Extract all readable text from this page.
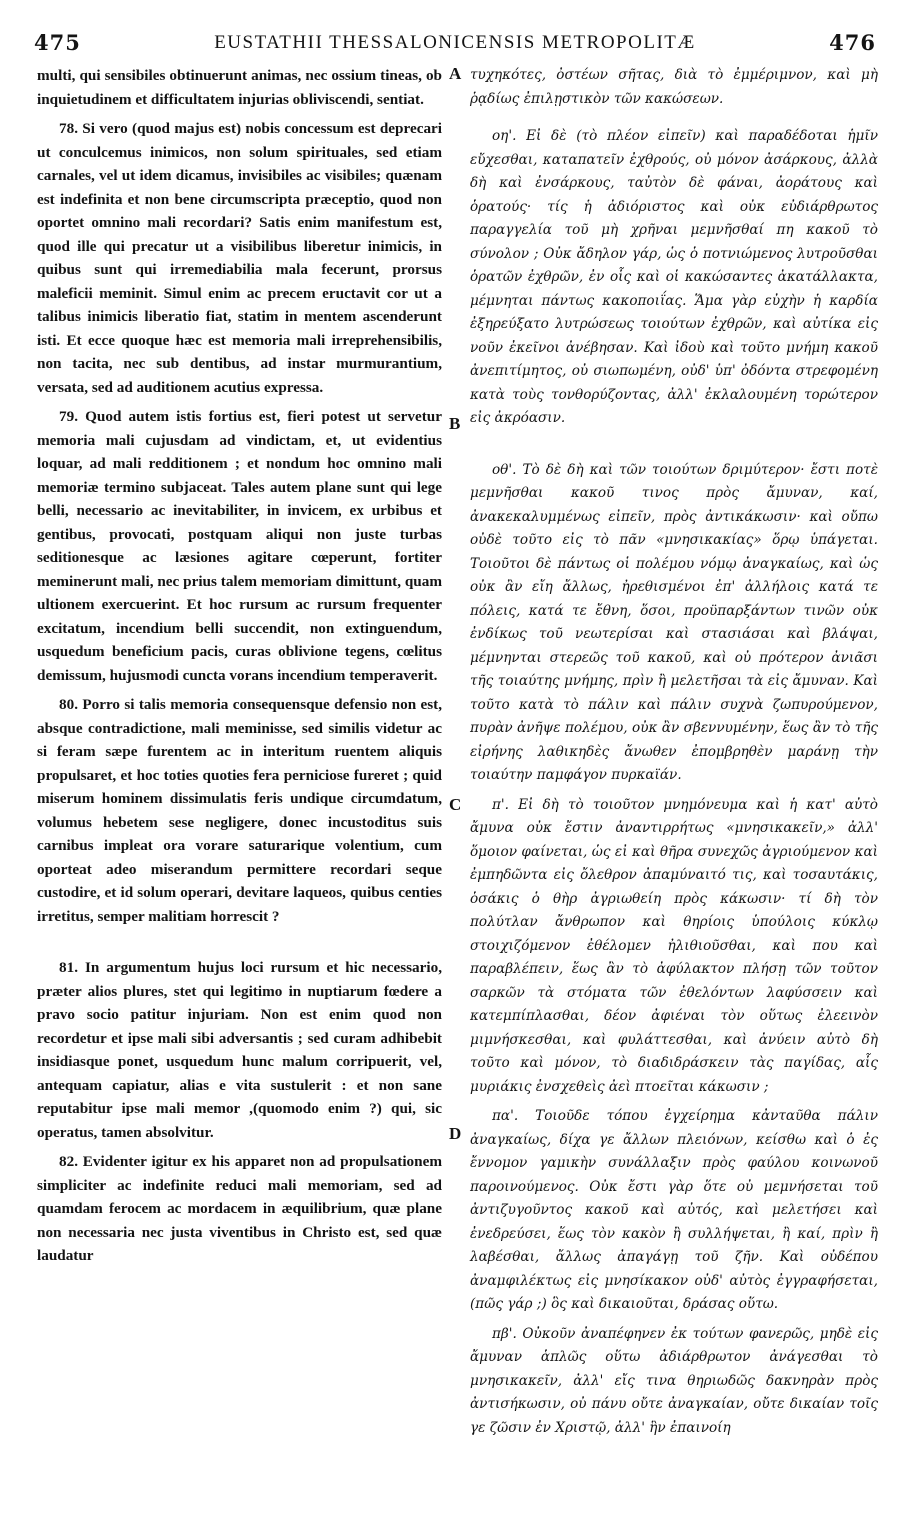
475	EUSTATHII THESSALONICENSIS METROPOLITÆ	476

multi, qui sensibiles obtinuerunt animas, nec ossium tineas, ob inquietudinem et difficultatem injurias obliviscendi, sentiat.

78. Si vero (quod majus est) nobis concessum est deprecari ut conculcemus inimicos, non solum spirituales, sed etiam carnales, vel ut idem dicamus, invisibiles ac visibiles; quænam est indefinita et non bene circumscripta præceptio, quod non oportet omnino mali recordari? Satis enim manifestum est, quod ille qui precatur ut a visibilibus liberetur inimicis, in quibus sunt qui irremediabilia mala fecerunt, prorsus maleficii meminit. Simul enim ac precem eructavit cor ut a talibus inimicis liberatio fiat, statim in mentem ascenderunt isti. Et ecce quoque hæc est memoria mali irreprehensibilis, non tacita, nec sub dentibus, ad instar murmurantium, versata, sed ad auditionem acutius expressa.

79. Quod autem istis fortius est, fieri potest ut servetur memoria mali cujusdam ad vindictam, et, ut evidentius loquar, ad mali redditionem ; et nondum hoc omnino mali memoriæ termino subjaceat. Tales autem plane sunt qui lege belli, necessario ac inevitabiliter, in invicem, ex urbibus et gentibus, provocati, postquam aliqui non juste turbas seditionesque ac læsiones agitare cœperunt, fortiter meminerunt mali, nec prius talem memoriam dimittunt, quam ultionem exercuerint. Et hoc rursum ac rursum frequenter excitatum, incendium belli succendit, non extinguendum, usquedum beneficium pacis, curas oblivione tegens, cœlitus demissum, hujusmodi cuncta vorans incendium temperaverit.

80. Porro si talis memoria consequensque defensio non est, absque contradictione, mali meminisse, sed similis videtur ac si feram sæpe furentem ac in interitum ruentem aliquis propulsaret, et hoc toties quoties fera perniciose fureret ; quid miserum hominem dissimulatis feris undique circumdatum, volumus hebetem sese negligere, donec incustoditus suis carnibus impleat ora vorare saturarique volentium, cum oporteat adeo miserandum permittere recordari seque custodire, et id solum operari, devitare laqueos, quibus centies irretitus, semper malitiam horrescit ?

81. In argumentum hujus loci rursum et hic necessario, præter alios plures, stet qui legitimo in nuptiarum fœdere a pravo socio patitur injuriam. Non est enim quod non recordetur et ipse mali sibi adversantis ; sed curam adhibebit insidiasque ponet, usquedum hunc malum corripuerit, vel, antequam capiatur, alias e vita sustulerit : et non sane reputabitur ipse mali memor ,(quomodo enim ?) qui, sic operatus, tamen absolvitur.

82. Evidenter igitur ex his apparet non ad propulsationem simpliciter ac indefinite reduci mali memoriam, sed ad quamdam ferocem ac mordacem in æquilibrium, quæ plane non necessaria nec justa viventibus in Christo est, sed quæ laudatur

τυχηκότες, ὀστέων σῆτας, διὰ τὸ ἐμμέριμνον, καὶ μὴ ῥᾳδίως ἐπιλῃστικὸν τῶν κακώσεων.

οη'. Εἰ δὲ (τὸ πλέον εἰπεῖν) καὶ παραδέδοται ἡμῖν εὔχεσθαι, καταπατεῖν ἐχθρούς, οὐ μόνον ἀσάρκους, ἀλλὰ δὴ καὶ ἐνσάρκους, ταὐτὸν δὲ φάναι, ἀοράτους καὶ ὁρατούς· τίς ἡ ἀδιόριστος καὶ οὐκ εὐδιάρθρωτος παραγγελία τοῦ μὴ χρῆναι μεμνῆσθαί πη κακοῦ τὸ σύνολον ; Οὐκ ἄδηλον γάρ, ὡς ὁ ποτνιώμενος λυτροῦσθαι ὁρατῶν ἐχθρῶν, ἐν οἷς καὶ οἱ κακώσαντες ἀκατάλλακτα, μέμνηται πάντως κακοποιΐας. Ἅμα γὰρ εὐχὴν ἡ καρδία ἐξηρεύξατο λυτρώσεως τοιούτων ἐχθρῶν, καὶ αὐτίκα εἰς νοῦν ἐκεῖνοι ἀνέβησαν. Καὶ ἰδοὺ καὶ τοῦτο μνήμη κακοῦ ἀνεπιτίμητος, οὐ σιωπωμένη, οὐδ' ὑπ' ὀδόντα στρεφομένη κατὰ τοὺς τονθορύζοντας, ἀλλ' ἐκλαλουμένη τορώτερον εἰς ἀκρόασιν.

οθ'. Τὸ δὲ δὴ καὶ τῶν τοιούτων δριμύτερον· ἔστι ποτὲ μεμνῆσθαι κακοῦ τινος πρὸς ἄμυναν, καί, ἀνακεκαλυμμένως εἰπεῖν, πρὸς ἀντικάκωσιν· καὶ οὔπω οὐδὲ τοῦτο εἰς τὸ πᾶν «μνησικακίας» ὅρῳ ὑπάγεται. Τοιοῦτοι δὲ πάντως οἱ πολέμου νόμῳ ἀναγκαίως, καὶ ὡς οὐκ ἂν εἴη ἄλλως, ἠρεθισμένοι ἐπ' ἀλλήλοις κατά τε πόλεις, κατά τε ἔθνη, ὅσοι, προϋπαρξάντων τινῶν οὐκ ἐνδίκως τοῦ νεωτερίσαι καὶ στασιάσαι καὶ βλάψαι, μέμνηνται στερεῶς τοῦ κακοῦ, καὶ οὐ πρότερον ἀνιᾶσι τῆς τοιαύτης μνήμης, πρὶν ἢ μελετῆσαι τὰ εἰς ἄμυναν. Καὶ τοῦτο κατὰ τὸ πάλιν καὶ πάλιν συχνὰ ζωπυρούμενον, πυρὰν ἀνῆψε πολέμου, οὐκ ἂν σβεννυμένην, ἕως ἂν τὸ τῆς εἰρήνης λαθικηδὲς ἄνωθεν ἐπομβρηθὲν μαράνῃ τὴν τοιαύτην παμφάγον πυρκαϊάν.

π'. Εἰ δὴ τὸ τοιοῦτον μνημόνευμα καὶ ἡ κατ' αὐτὸ ἄμυνα οὐκ ἔστιν ἀναντιρρήτως «μνησικακεῖν,» ἀλλ' ὅμοιον φαίνεται, ὡς εἰ καὶ θῆρα συνεχῶς ἀγριούμενον καὶ ἐμπηδῶντα εἰς ὄλεθρον ἀπαμύναιτό τις, καὶ τοσαυτάκις, ὁσάκις ὁ θὴρ ἀγριωθείη πρὸς κάκωσιν· τί δὴ τὸν πολύτλαν ἄνθρωπον καὶ θηρίοις ὑπούλοις κύκλῳ στοιχιζόμενον ἐθέλομεν ἠλιθιοῦσθαι, καὶ που καὶ παραβλέπειν, ἕως ἂν τὸ ἀφύλακτον πλήσῃ τῶν τοῦτον σαρκῶν τὰ στόματα τῶν ἐθελόντων λαφύσσειν καὶ κατεμπίπλασθαι, δέον ἀφιέναι τὸν οὕτως ἐλεεινὸν μιμνήσκεσθαι, καὶ φυλάττεσθαι, καὶ ἀνύειν αὐτὸ δὴ τοῦτο καὶ μόνον, τὸ διαδιδράσκειν τὰς παγίδας, αἷς μυριάκις ἐνσχεθεὶς ἀεὶ πτοεῖται κάκωσιν ;

πα'. Τοιοῦδε τόπου ἐγχείρημα κἀνταῦθα πάλιν ἀναγκαίως, δίχα γε ἄλλων πλειόνων, κείσθω καὶ ὁ ἐς ἔννομον γαμικὴν συνάλλαξιν πρὸς φαύλου κοινωνοῦ παροινούμενος. Οὐκ ἔστι γὰρ ὅτε οὐ μεμνήσεται τοῦ ἀντιζυγοῦντος κακοῦ καὶ αὐτός, καὶ μελετήσει καὶ ἐνεδρεύσει, ἕως τὸν κακὸν ἢ συλλήψεται, ἢ καί, πρὶν ἢ λαβέσθαι, ἄλλως ἀπαγάγῃ τοῦ ζῆν. Καὶ οὐδέπου ἀναμφιλέκτως εἰς μνησίκακον οὐδ' αὐτὸς ἐγγραφήσεται, (πῶς γάρ ;) ὃς καὶ δικαιοῦται, δράσας οὕτω.

πβ'. Οὐκοῦν ἀναπέφηνεν ἐκ τούτων φανερῶς, μηδὲ εἰς ἄμυναν ἁπλῶς οὕτω ἀδιάρθρωτον ἀνάγεσθαι τὸ μνησικακεῖν, ἀλλ' εἴς τινα θηριωδῶς δακνηρὰν πρὸς ἀντισήκωσιν, οὐ πάνυ οὔτε ἀναγκαίαν, οὔτε δικαίαν τοῖς γε ζῶσιν ἐν Χριστῷ, ἀλλ' ἣν ἐπαινοίη

A
B
C
D
